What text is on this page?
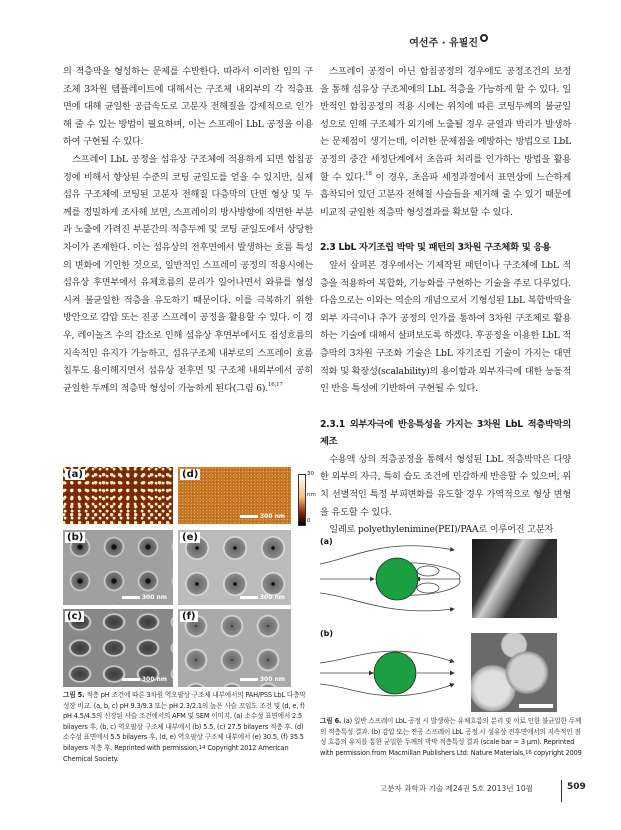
여선주 · 유필진

의 적층막을 형성하는 문제를 수반한다. 따라서 이러한 임의 구조체 3차원 템플레이트에 대해서는 구조체 내외부의 각 적층표면에 대해 균일한 공급속도로 고분자 전해질을 강제적으로 인가해 줄 수 있는 방법이 필요하며, 이는 스프레이 LbL 공정을 이용하여 구현될 수 있다.

스프레이 LbL 공정을 섬유상 구조체에 적용하게 되면 함침공정에 비해서 향상된 수준의 코팅 균일도를 얻을 수 있지만, 실제 섬유 구조체에 코팅된 고분자 전해질 다층막의 단면 형상 및 두께를 정밀하게 조사해 보면, 스프레이의 방사방향에 직면한 부분과 노출에 가려진 부분간의 적층두께 및 코팅 균일도에서 상당한 차이가 존재한다. 이는 섬유상의 전후면에서 발생하는 흐름 특성의 변화에 기인한 것으로, 일반적인 스프레이 공정의 적용시에는 섬유상 후면부에서 유체흐름의 분리가 일어나면서 와류를 형성시켜 불균일한 적층을 유도하기 때문이다. 이를 극복하기 위한 방안으로 감압 또는 진공 스프레이 공정을 활용할 수 있다. 이 경우, 레이놀즈 수의 감소로 인해 섬유상 후면부에서도 점성흐름의 지속적인 유지가 가능하고, 섬유구조체 내부로의 스프레이 흐름 침투도 용이해지면서 섬유상 전후면 및 구조체 내외부에서 공히 균일한 두께의 적층막 형성이 가능하게 된다(그림 6).$^{16,17}$

스프레이 공정이 아닌 함침공정의 경우에도 공정조건의 보정을 통해 섬유상 구조체에의 LbL 적층을 가능하게 할 수 있다. 일반적인 함침공정의 적용 시에는 위치에 따른 코팅두께의 불균일성으로 인해 구조체가 외기에 노출될 경우 균열과 박리가 발생하는 문제점이 생기는데, 이러한 문제점을 예방하는 방법으로 LbL 공정의 중간 세정단계에서 초음파 처리를 인가하는 방법을 활용할 수 있다.$^{18}$ 이 경우, 초음파 세정과정에서 표면상에 느슨하게 흡착되어 있던 고분자 전해질 사슬들을 제거해 줄 수 있기 때문에 비교적 균일한 적층막 형성결과를 확보할 수 있다.

2.3 LbL 자기조립 박막 및 패턴의 3차원 구조체화 및 응용

앞서 살펴본 경우에서는 기제작된 패턴이나 구조체에 LbL 적층을 적용하여 복합화, 기능화를 구현하는 기술을 주로 다루었다. 다음으로는 이와는 역순의 개념으로서 기형성된 LbL 복합박막을 외부 자극이나 추가 공정의 인가를 통하여 3차원 구조체로 활용하는 기술에 대해서 살펴보도록 하겠다. 후공정을 이용한 LbL 적층막의 3차원 구조화 기술은 LbL 자기조립 기술이 가지는 대면적화 및 확장성(scalability)의 용이함과 외부자극에 대한 능동적인 반응 특성에 기반하여 구현될 수 있다.

2.3.1 외부자극에 반응특성을 가지는 3차원 LbL 적층박막의 제조

수용액 상의 적층공정을 통해서 형성된 LbL 적층박막은 다양한 외부의 자극, 특히 습도 조건에 민감하게 반응할 수 있으며, 위치 선별적인 특정 부피변화를 유도할 경우 가역적으로 형상 변형을 유도할 수 있다.

일례로 polyethylenimine(PEI)/PAA로 이루어진 고분자

(a)	(d)
300 nm
30
nm
0
(b)
300 nm
(e)
300 nm
(c)
300 nm
(f)
300 nm
그림 5. 적층 pH 조건에 따른 3차원 역오팔상 구조체 내부에서의 PAH/PSS LbL 다층막 성장 비교. (a, b, c) pH 9.3/9.3 또는 pH 2.3/2.1의 높은 사슬 꼬임도 조건 및 (d, e, f) pH 4.5/4.5의 신장된 사슬 조건에서의 AFM 및 SEM 이미지. (a) 소수성 표면에서 2.5 bilayers 후, (b, c) 역오팔상 구조체 내부에서 (b) 5.5, (c) 27.5 bilayers 적층 후. (d) 소수성 표면에서 5.5 bilayers 후, (d, e) 역오팔상 구조체 내부에서 (e) 30.5, (f) 35.5 bilayers 적층 후. Reprinted with permission,$^{14}$ Copyright 2012 American Chemical Society.
(a)
(b)
그림 6. (a) 일반 스프레이 LbL 공정 시 발생하는 유체흐름의 분리 및 이로 인한 불균일한 두께의 적층특성 결과. (b) 감압 또는 진공 스프레이 LbL 공정 시 섬유상 전후면에서의 지속적인 점성 흐름의 유지를 통한 균일한 두께의 박막 적층특성 결과 (scale bar = 3 μm). Reprinted with permission from Macmillan Publishers Ltd: Nature Materials,$^{16}$ copyright 2009
고분자 과학과 기술 제24권 5호 2013년 10월	509
